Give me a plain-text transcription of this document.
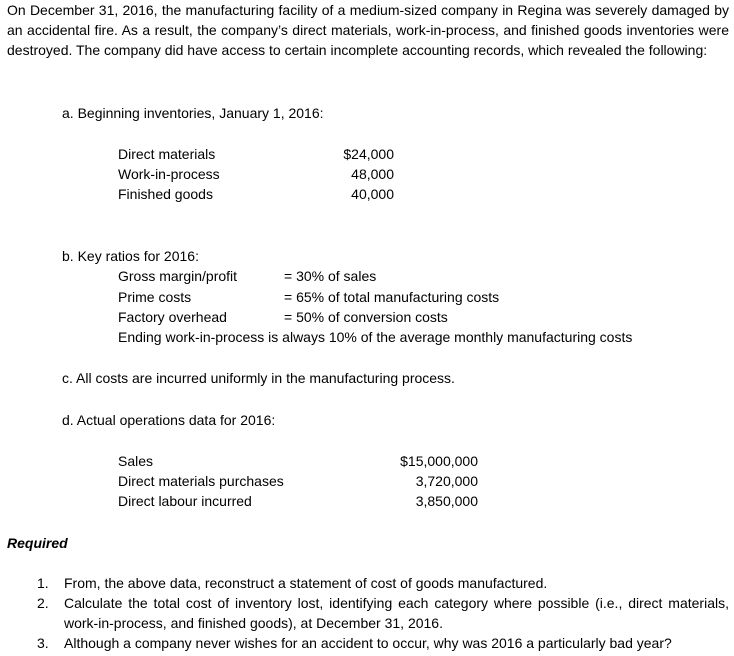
On December 31, 2016, the manufacturing facility of a medium-sized company in Regina was severely damaged by an accidental fire. As a result, the company’s direct materials, work-in-process, and finished goods inventories were destroyed. The company did have access to certain incomplete accounting records, which revealed the following:
a. Beginning inventories, January 1, 2016:
Direct materials	$24,000
Work-in-process	48,000
Finished goods	40,000
b. Key ratios for 2016:
Gross margin/profit	= 30% of sales
Prime costs	= 65% of total manufacturing costs
Factory overhead	= 50% of conversion costs
Ending work-in-process is always 10% of the average monthly manufacturing costs
c. All costs are incurred uniformly in the manufacturing process.
d. Actual operations data for 2016:
Sales	$15,000,000
Direct materials purchases	3,720,000
Direct labour incurred	3,850,000
Required
1. From, the above data, reconstruct a statement of cost of goods manufactured.
2. Calculate the total cost of inventory lost, identifying each category where possible (i.e., direct materials, work-in-process, and finished goods), at December 31, 2016.
3. Although a company never wishes for an accident to occur, why was 2016 a particularly bad year?
